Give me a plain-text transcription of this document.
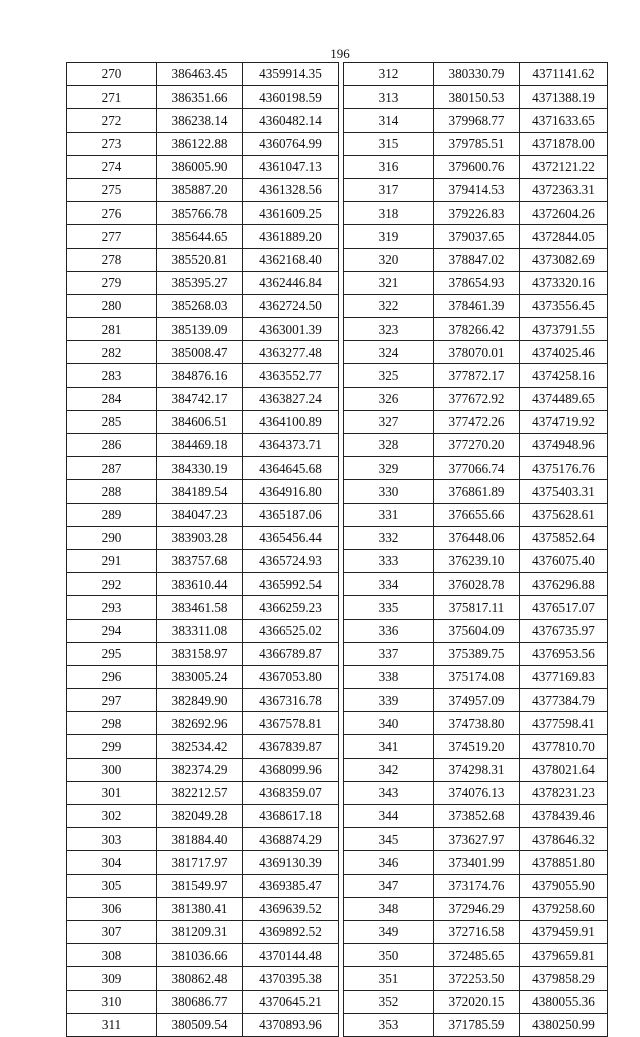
196
270	386463.45	4359914.35
271	386351.66	4360198.59
272	386238.14	4360482.14
273	386122.88	4360764.99
274	386005.90	4361047.13
275	385887.20	4361328.56
276	385766.78	4361609.25
277	385644.65	4361889.20
278	385520.81	4362168.40
279	385395.27	4362446.84
280	385268.03	4362724.50
281	385139.09	4363001.39
282	385008.47	4363277.48
283	384876.16	4363552.77
284	384742.17	4363827.24
285	384606.51	4364100.89
286	384469.18	4364373.71
287	384330.19	4364645.68
288	384189.54	4364916.80
289	384047.23	4365187.06
290	383903.28	4365456.44
291	383757.68	4365724.93
292	383610.44	4365992.54
293	383461.58	4366259.23
294	383311.08	4366525.02
295	383158.97	4366789.87
296	383005.24	4367053.80
297	382849.90	4367316.78
298	382692.96	4367578.81
299	382534.42	4367839.87
300	382374.29	4368099.96
301	382212.57	4368359.07
302	382049.28	4368617.18
303	381884.40	4368874.29
304	381717.97	4369130.39
305	381549.97	4369385.47
306	381380.41	4369639.52
307	381209.31	4369892.52
308	381036.66	4370144.48
309	380862.48	4370395.38
310	380686.77	4370645.21
311	380509.54	4370893.96
312	380330.79	4371141.62
313	380150.53	4371388.19
314	379968.77	4371633.65
315	379785.51	4371878.00
316	379600.76	4372121.22
317	379414.53	4372363.31
318	379226.83	4372604.26
319	379037.65	4372844.05
320	378847.02	4373082.69
321	378654.93	4373320.16
322	378461.39	4373556.45
323	378266.42	4373791.55
324	378070.01	4374025.46
325	377872.17	4374258.16
326	377672.92	4374489.65
327	377472.26	4374719.92
328	377270.20	4374948.96
329	377066.74	4375176.76
330	376861.89	4375403.31
331	376655.66	4375628.61
332	376448.06	4375852.64
333	376239.10	4376075.40
334	376028.78	4376296.88
335	375817.11	4376517.07
336	375604.09	4376735.97
337	375389.75	4376953.56
338	375174.08	4377169.83
339	374957.09	4377384.79
340	374738.80	4377598.41
341	374519.20	4377810.70
342	374298.31	4378021.64
343	374076.13	4378231.23
344	373852.68	4378439.46
345	373627.97	4378646.32
346	373401.99	4378851.80
347	373174.76	4379055.90
348	372946.29	4379258.60
349	372716.58	4379459.91
350	372485.65	4379659.81
351	372253.50	4379858.29
352	372020.15	4380055.36
353	371785.59	4380250.99
